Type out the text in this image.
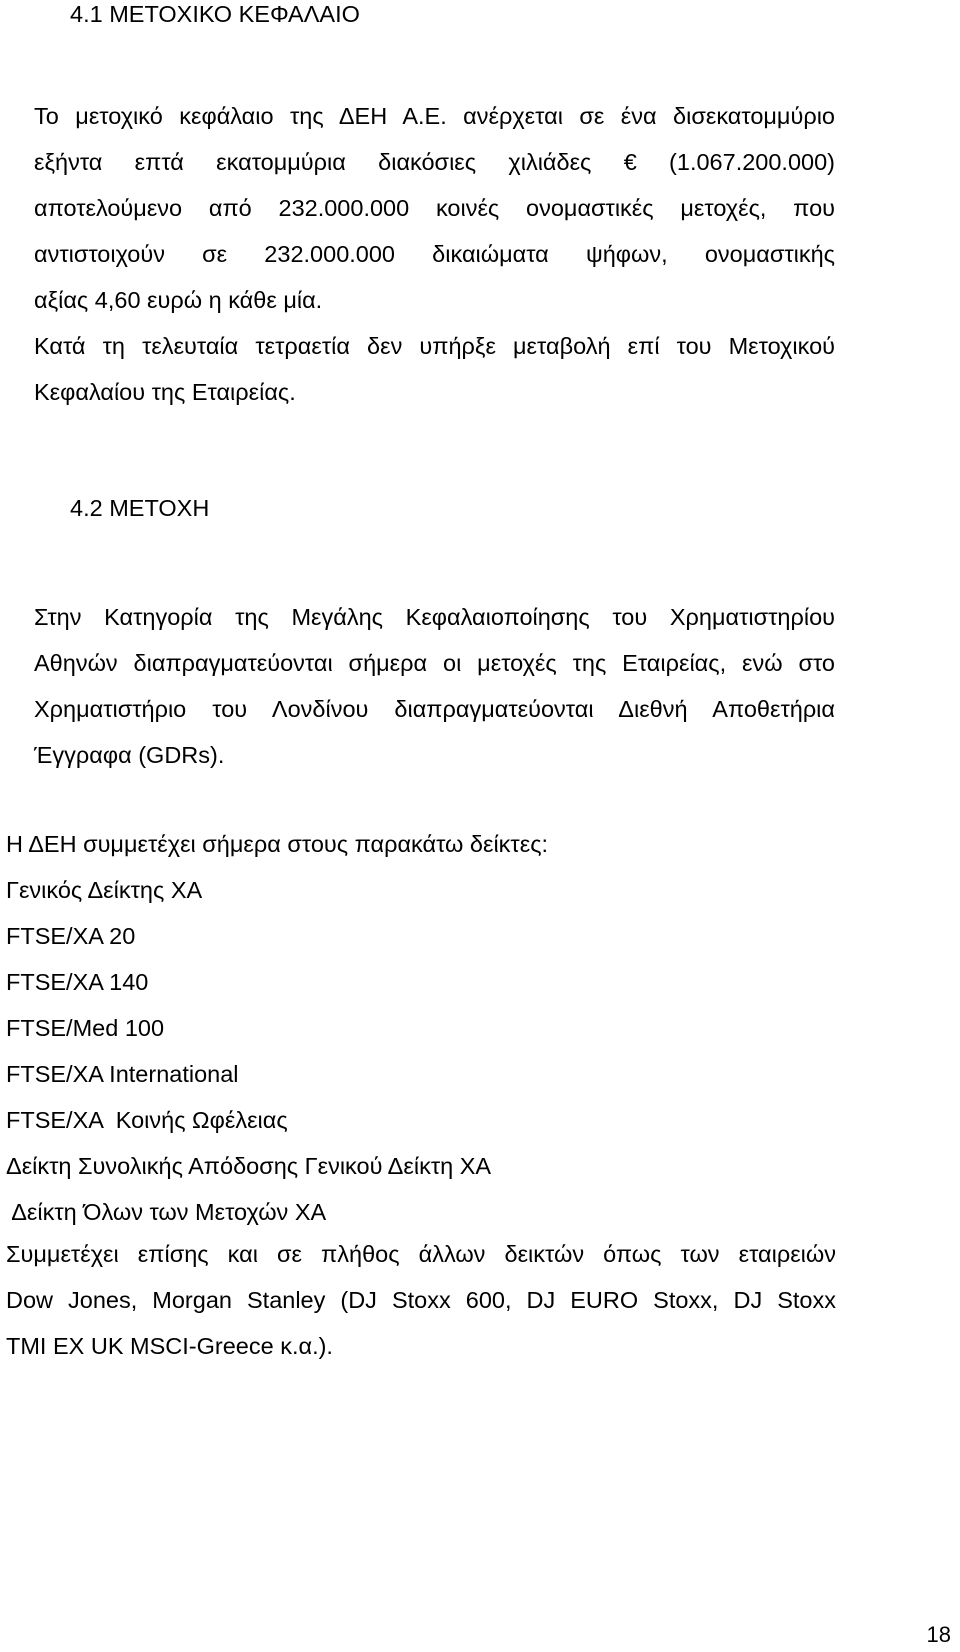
4.1 ΜΕΤΟΧΙΚΟ ΚΕΦΑΛΑΙΟ

Το μετοχικό κεφάλαιο της ΔΕΗ Α.Ε. ανέρχεται σε ένα δισεκατομμύριο

εξήντα επτά εκατομμύρια διακόσιες χιλιάδες € (1.067.200.000)

αποτελούμενο από 232.000.000 κοινές ονομαστικές μετοχές, που

αντιστοιχούν σε 232.000.000 δικαιώματα ψήφων, ονομαστικής

αξίας 4,60 ευρώ η κάθε μία.

Κατά τη τελευταία τετραετία δεν υπήρξε μεταβολή επί του Μετοχικού

Κεφαλαίου της Εταιρείας.

4.2 ΜΕΤΟΧΗ

Στην Κατηγορία της Μεγάλης Κεφαλαιοποίησης του Χρηματιστηρίου

Αθηνών διαπραγματεύονται σήμερα οι μετοχές της Εταιρείας, ενώ στο

Χρηματιστήριο του Λονδίνου διαπραγματεύονται Διεθνή Αποθετήρια

Έγγραφα (GDRs).

Η ΔΕΗ συμμετέχει σήμερα στους παρακάτω δείκτες:

Γενικός Δείκτης ΧΑ

FTSE/XA 20

FTSE/XA 140

FTSE/Med 100

FTSE/XA International

FTSE/XA  Κοινής Ωφέλειας

Δείκτη Συνολικής Απόδοσης Γενικού Δείκτη ΧΑ

Δείκτη Όλων των Μετοχών ΧΑ

Συμμετέχει επίσης και σε πλήθος άλλων δεικτών όπως των εταιρειών

Dow Jones, Morgan Stanley (DJ Stoxx 600, DJ EURO Stoxx, DJ Stoxx

TMI EX UK MSCI-Greece κ.α.).

18
